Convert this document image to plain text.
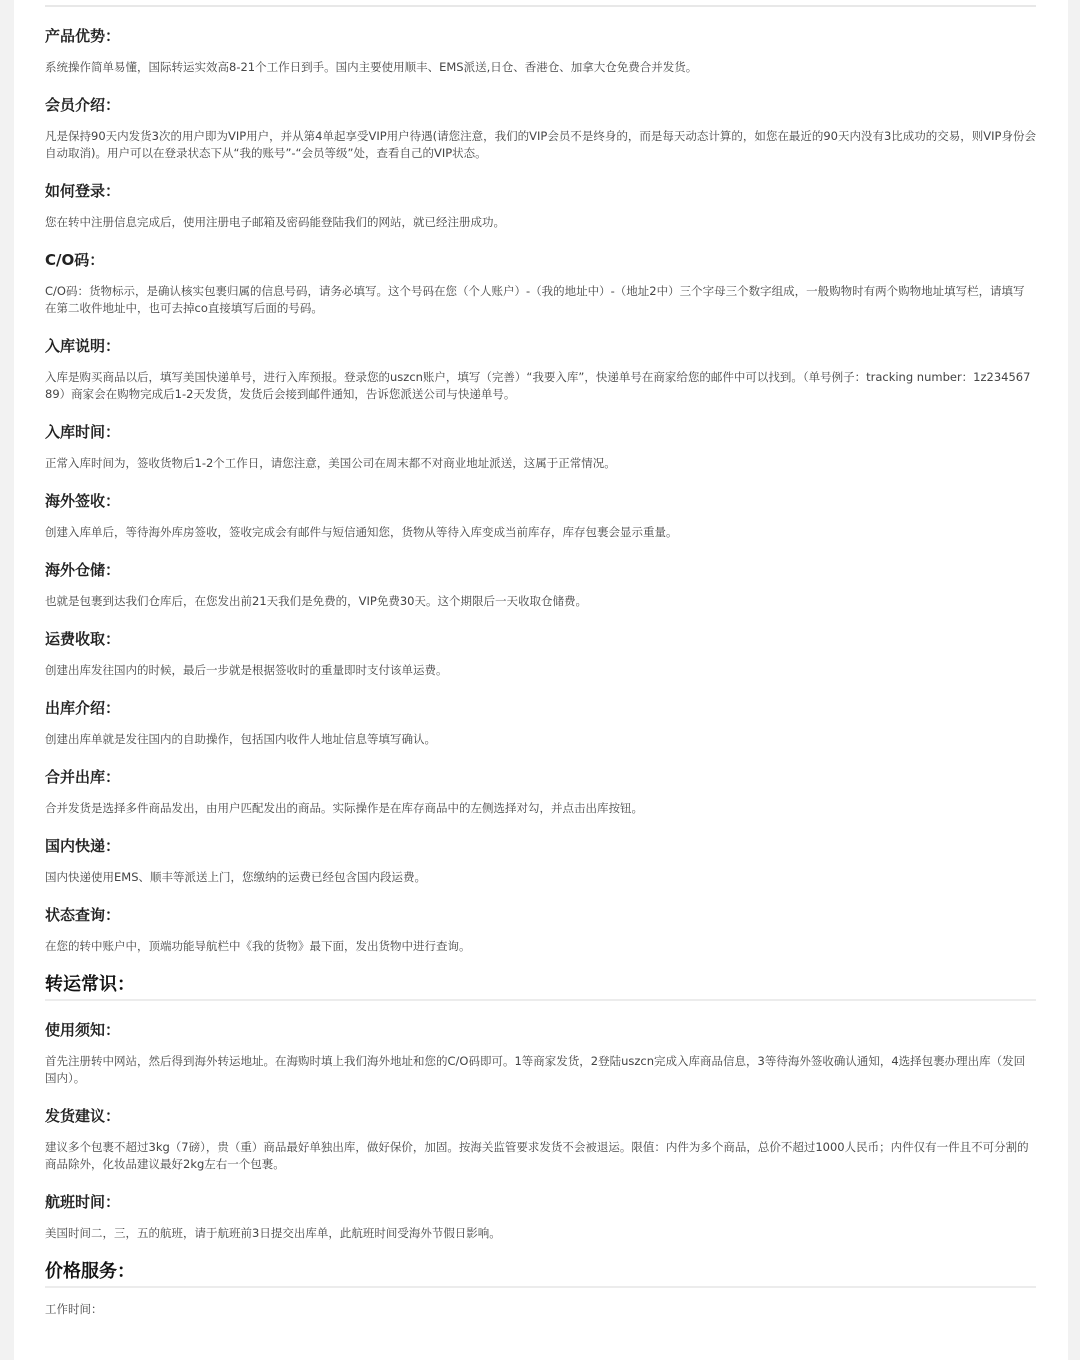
产品优势：
系统操作简单易懂，国际转运实效高8-21个工作日到手。国内主要使用顺丰、EMS派送,日仓、香港仓、加拿大仓免费合并发货。
会员介绍：
凡是保持90天内发货3次的用户即为VIP用户，并从第4单起享受VIP用户待遇(请您注意，我们的VIP会员不是终身的，而是每天动态计算的，如您在最近的90天内没有3比成功的交易，则VIP身份会自动取消)。用户可以在登录状态下从“我的账号”-“会员等级”处，查看自己的VIP状态。
如何登录：
您在转中注册信息完成后，使用注册电子邮箱及密码能登陆我们的网站，就已经注册成功。
C/O码：
C/O码：货物标示，是确认核实包裹归属的信息号码，请务必填写。这个号码在您（个人账户）-（我的地址中）-（地址2中）三个字母三个数字组成，一般购物时有两个购物地址填写栏，请填写在第二收件地址中，也可去掉co直接填写后面的号码。
入库说明：
入库是购买商品以后，填写美国快递单号，进行入库预报。登录您的uszcn账户，填写（完善）“我要入库”，快递单号在商家给您的邮件中可以找到。（单号例子：tracking number：1z23456789）商家会在购物完成后1-2天发货，发货后会接到邮件通知，告诉您派送公司与快递单号。
入库时间：
正常入库时间为，签收货物后1-2个工作日，请您注意，美国公司在周末都不对商业地址派送，这属于正常情况。
海外签收：
创建入库单后，等待海外库房签收，签收完成会有邮件与短信通知您，货物从等待入库变成当前库存，库存包裹会显示重量。
海外仓储：
也就是包裹到达我们仓库后，在您发出前21天我们是免费的，VIP免费30天。这个期限后一天收取仓储费。
运费收取：
创建出库发往国内的时候，最后一步就是根据签收时的重量即时支付该单运费。
出库介绍：
创建出库单就是发往国内的自助操作，包括国内收件人地址信息等填写确认。
合并出库：
合并发货是选择多件商品发出，由用户匹配发出的商品。实际操作是在库存商品中的左侧选择对勾，并点击出库按钮。
国内快递：
国内快递使用EMS、顺丰等派送上门，您缴纳的运费已经包含国内段运费。
状态查询：
在您的转中账户中，顶端功能导航栏中《我的货物》最下面，发出货物中进行查询。
转运常识：
使用须知：
首先注册转中网站，然后得到海外转运地址。在海购时填上我们海外地址和您的C/O码即可。1等商家发货，2登陆uszcn完成入库商品信息，3等待海外签收确认通知，4选择包裹办理出库（发回国内）。
发货建议：
建议多个包裹不超过3kg（7磅），贵（重）商品最好单独出库，做好保价，加固。按海关监管要求发货不会被退运。限值：内件为多个商品，总价不超过1000人民币；内件仅有一件且不可分割的商品除外，化妆品建议最好2kg左右一个包裹。
航班时间：
美国时间二，三，五的航班，请于航班前3日提交出库单，此航班时间受海外节假日影响。
价格服务：
工作时间：
